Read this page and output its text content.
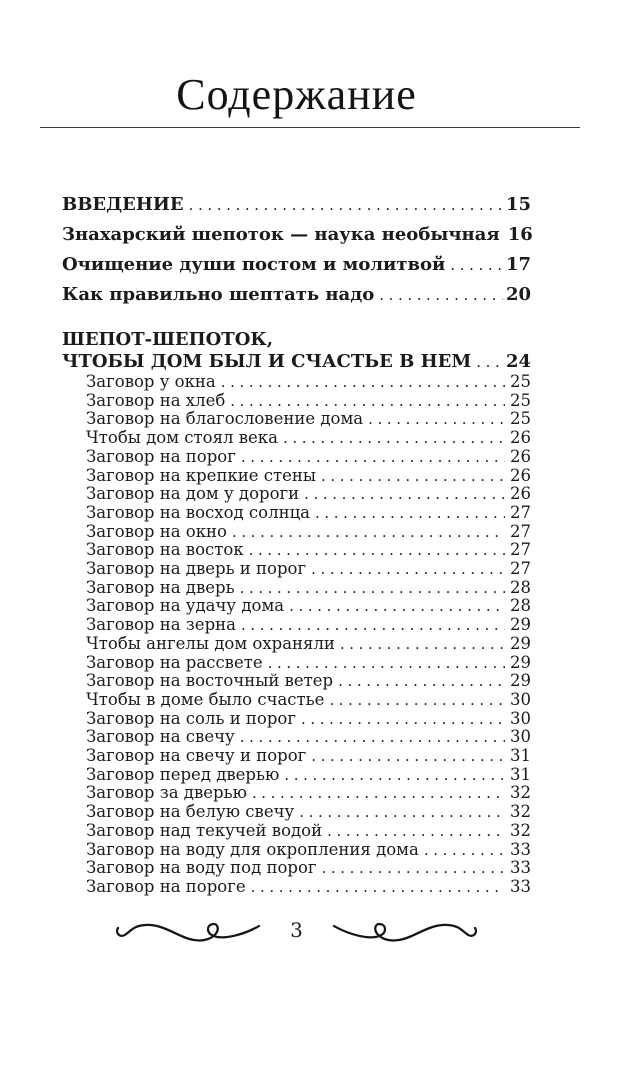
Содержание
ВВЕДЕНИЕ .....	15
Знахарский шепоток — наука необычная 16
Очищение души постом и молитвой .....	17
Как правильно шептать надо .....	20
ШЕПОТ-ШЕПОТОК,
ЧТОБЫ ДОМ БЫЛ И СЧАСТЬЕ В НЕМ ..... 24
Заговор у окна .....	25
Заговор на хлеб .....	25
Заговор на благословение дома .....	25
Чтобы дом стоял века .....	26
Заговор на порог .....	26
Заговор на крепкие стены .....	26
Заговор на дом у дороги .....	26
Заговор на восход солнца .....	27
Заговор на окно .....	27
Заговор на восток .....	27
Заговор на дверь и порог .....	27
Заговор на дверь .....	28
Заговор на удачу дома .....	28
Заговор на зерна .....	29
Чтобы ангелы дом охраняли .....	29
Заговор на рассвете .....	29
Заговор на восточный ветер .....	29
Чтобы в доме было счастье .....	30
Заговор на соль и порог .....	30
Заговор на свечу .....	30
Заговор на свечу и порог .....	31
Заговор перед дверью .....	31
Заговор за дверью .....	32
Заговор на белую свечу .....	32
Заговор над текучей водой .....	32
Заговор на воду для окропления дома .....	33
Заговор на воду под порог .....	33
Заговор на пороге .....	33
3
